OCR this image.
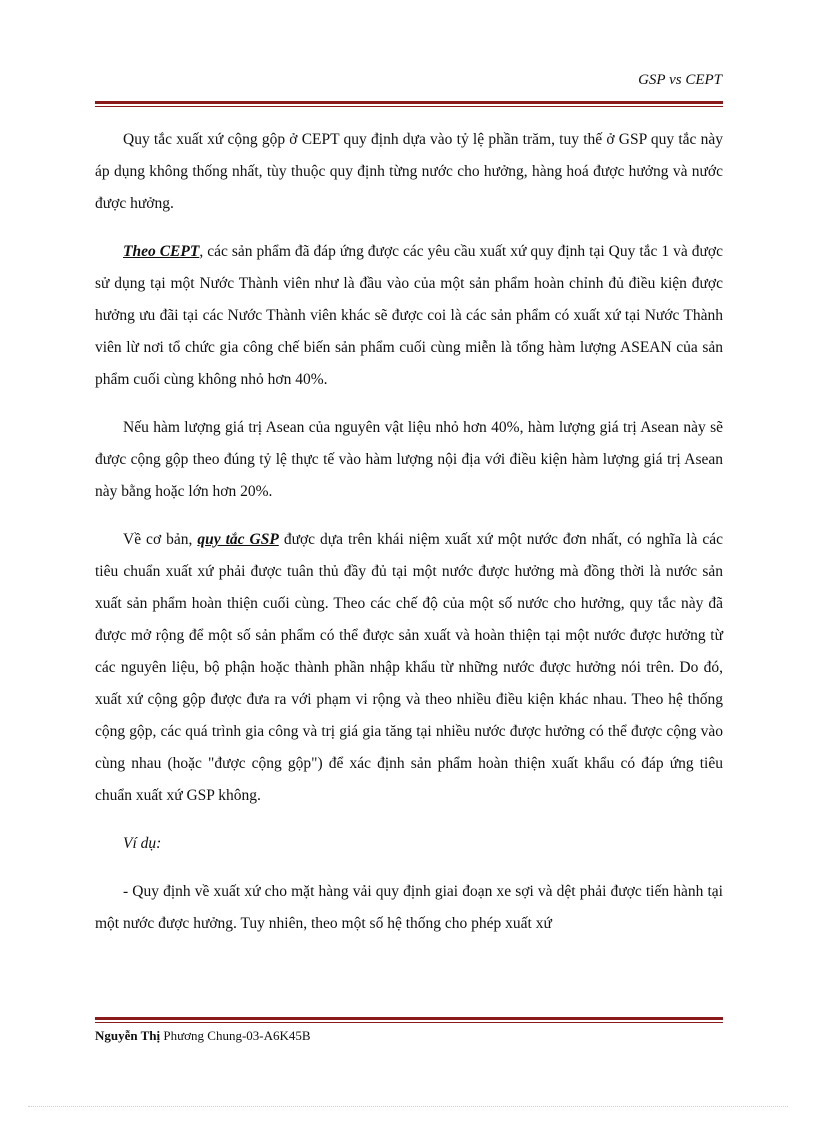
GSP vs CEPT

Quy tắc xuất xứ cộng gộp ở CEPT quy định dựa vào tỷ lệ phần trăm, tuy thế ở GSP quy tắc này áp dụng không thống nhất, tùy thuộc quy định từng nước cho hưởng, hàng hoá được hưởng và nước được hưởng.

Theo CEPT, các sản phẩm đã đáp ứng được các yêu cầu xuất xứ quy định tại Quy tắc 1 và được sử dụng tại một Nước Thành viên như là đầu vào của một sản phẩm hoàn chỉnh đủ điều kiện được hưởng ưu đãi tại các Nước Thành viên khác sẽ được coi là các sản phẩm có xuất xứ tại Nước Thành viên lừ nơi tổ chức gia công chế biến sản phẩm cuối cùng miễn là tổng hàm lượng ASEAN của sản phẩm cuối cùng không nhỏ hơn 40%.

Nếu hàm lượng giá trị Asean của nguyên vật liệu nhỏ hơn 40%, hàm lượng giá trị Asean này sẽ được cộng gộp theo đúng tỷ lệ thực tế vào hàm lượng nội địa với điều kiện hàm lượng giá trị Asean này bằng hoặc lớn hơn 20%.

Về cơ bản, quy tắc GSP được dựa trên khái niệm xuất xứ một nước đơn nhất, có nghĩa là các tiêu chuẩn xuất xứ phải được tuân thủ đầy đủ tại một nước được hưởng mà đồng thời là nước sản xuất sản phẩm hoàn thiện cuối cùng. Theo các chế độ của một số nước cho hưởng, quy tắc này đã được mở rộng để một số sản phẩm có thể được sản xuất và hoàn thiện tại một nước được hưởng từ các nguyên liệu, bộ phận hoặc thành phần nhập khẩu từ những nước được hưởng nói trên. Do đó, xuất xứ cộng gộp được đưa ra với phạm vi rộng và theo nhiều điều kiện khác nhau. Theo hệ thống cộng gộp, các quá trình gia công và trị giá gia tăng tại nhiều nước được hưởng có thể được cộng vào cùng nhau (hoặc "được cộng gộp") để xác định sản phẩm hoàn thiện xuất khẩu có đáp ứng tiêu chuẩn xuất xứ GSP không.

Ví dụ:

- Quy định về xuất xứ cho mặt hàng vải quy định giai đoạn xe sợi và dệt phải được tiến hành tại một nước được hưởng. Tuy nhiên, theo một số hệ thống cho phép xuất xứ

Nguyễn Thị Phương Chung-03-A6K45B
